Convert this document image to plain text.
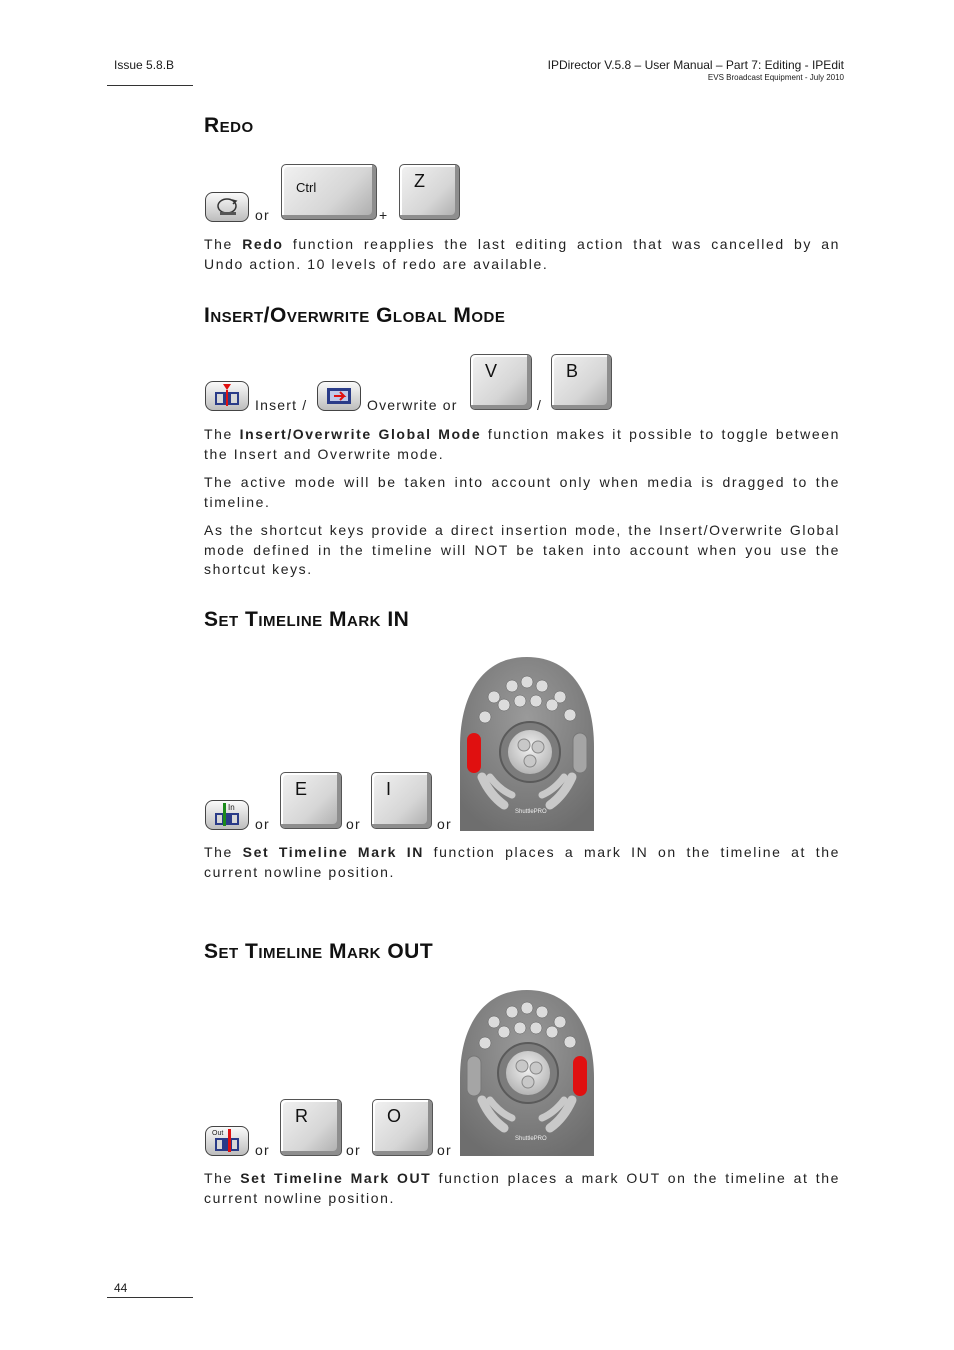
Issue 5.8.B	IPDirector V.5.8 – User Manual – Part 7: Editing - IPEdit
EVS Broadcast Equipment - July 2010
Redo
or
Ctrl
+
Z
The Redo function reapplies the last editing action that was cancelled by an Undo action. 10 levels of redo are available.
Insert/Overwrite Global Mode
Insert /	Overwrite or
V
/
B
The Insert/Overwrite Global Mode function makes it possible to toggle between the Insert and Overwrite mode.
The active mode will be taken into account only when media is dragged to the timeline.
As the shortcut keys provide a direct insertion mode, the Insert/Overwrite Global mode defined in the timeline will NOT be taken into account when you use the shortcut keys.
Set Timeline Mark IN
In
or
E
or
I
or
ShuttlePRO
The Set Timeline Mark IN function places a mark IN on the timeline at the current nowline position.
Set Timeline Mark OUT
Out
or
R
or
O
or
ShuttlePRO
The Set Timeline Mark OUT function places a mark OUT on the timeline at the current nowline position.
44
